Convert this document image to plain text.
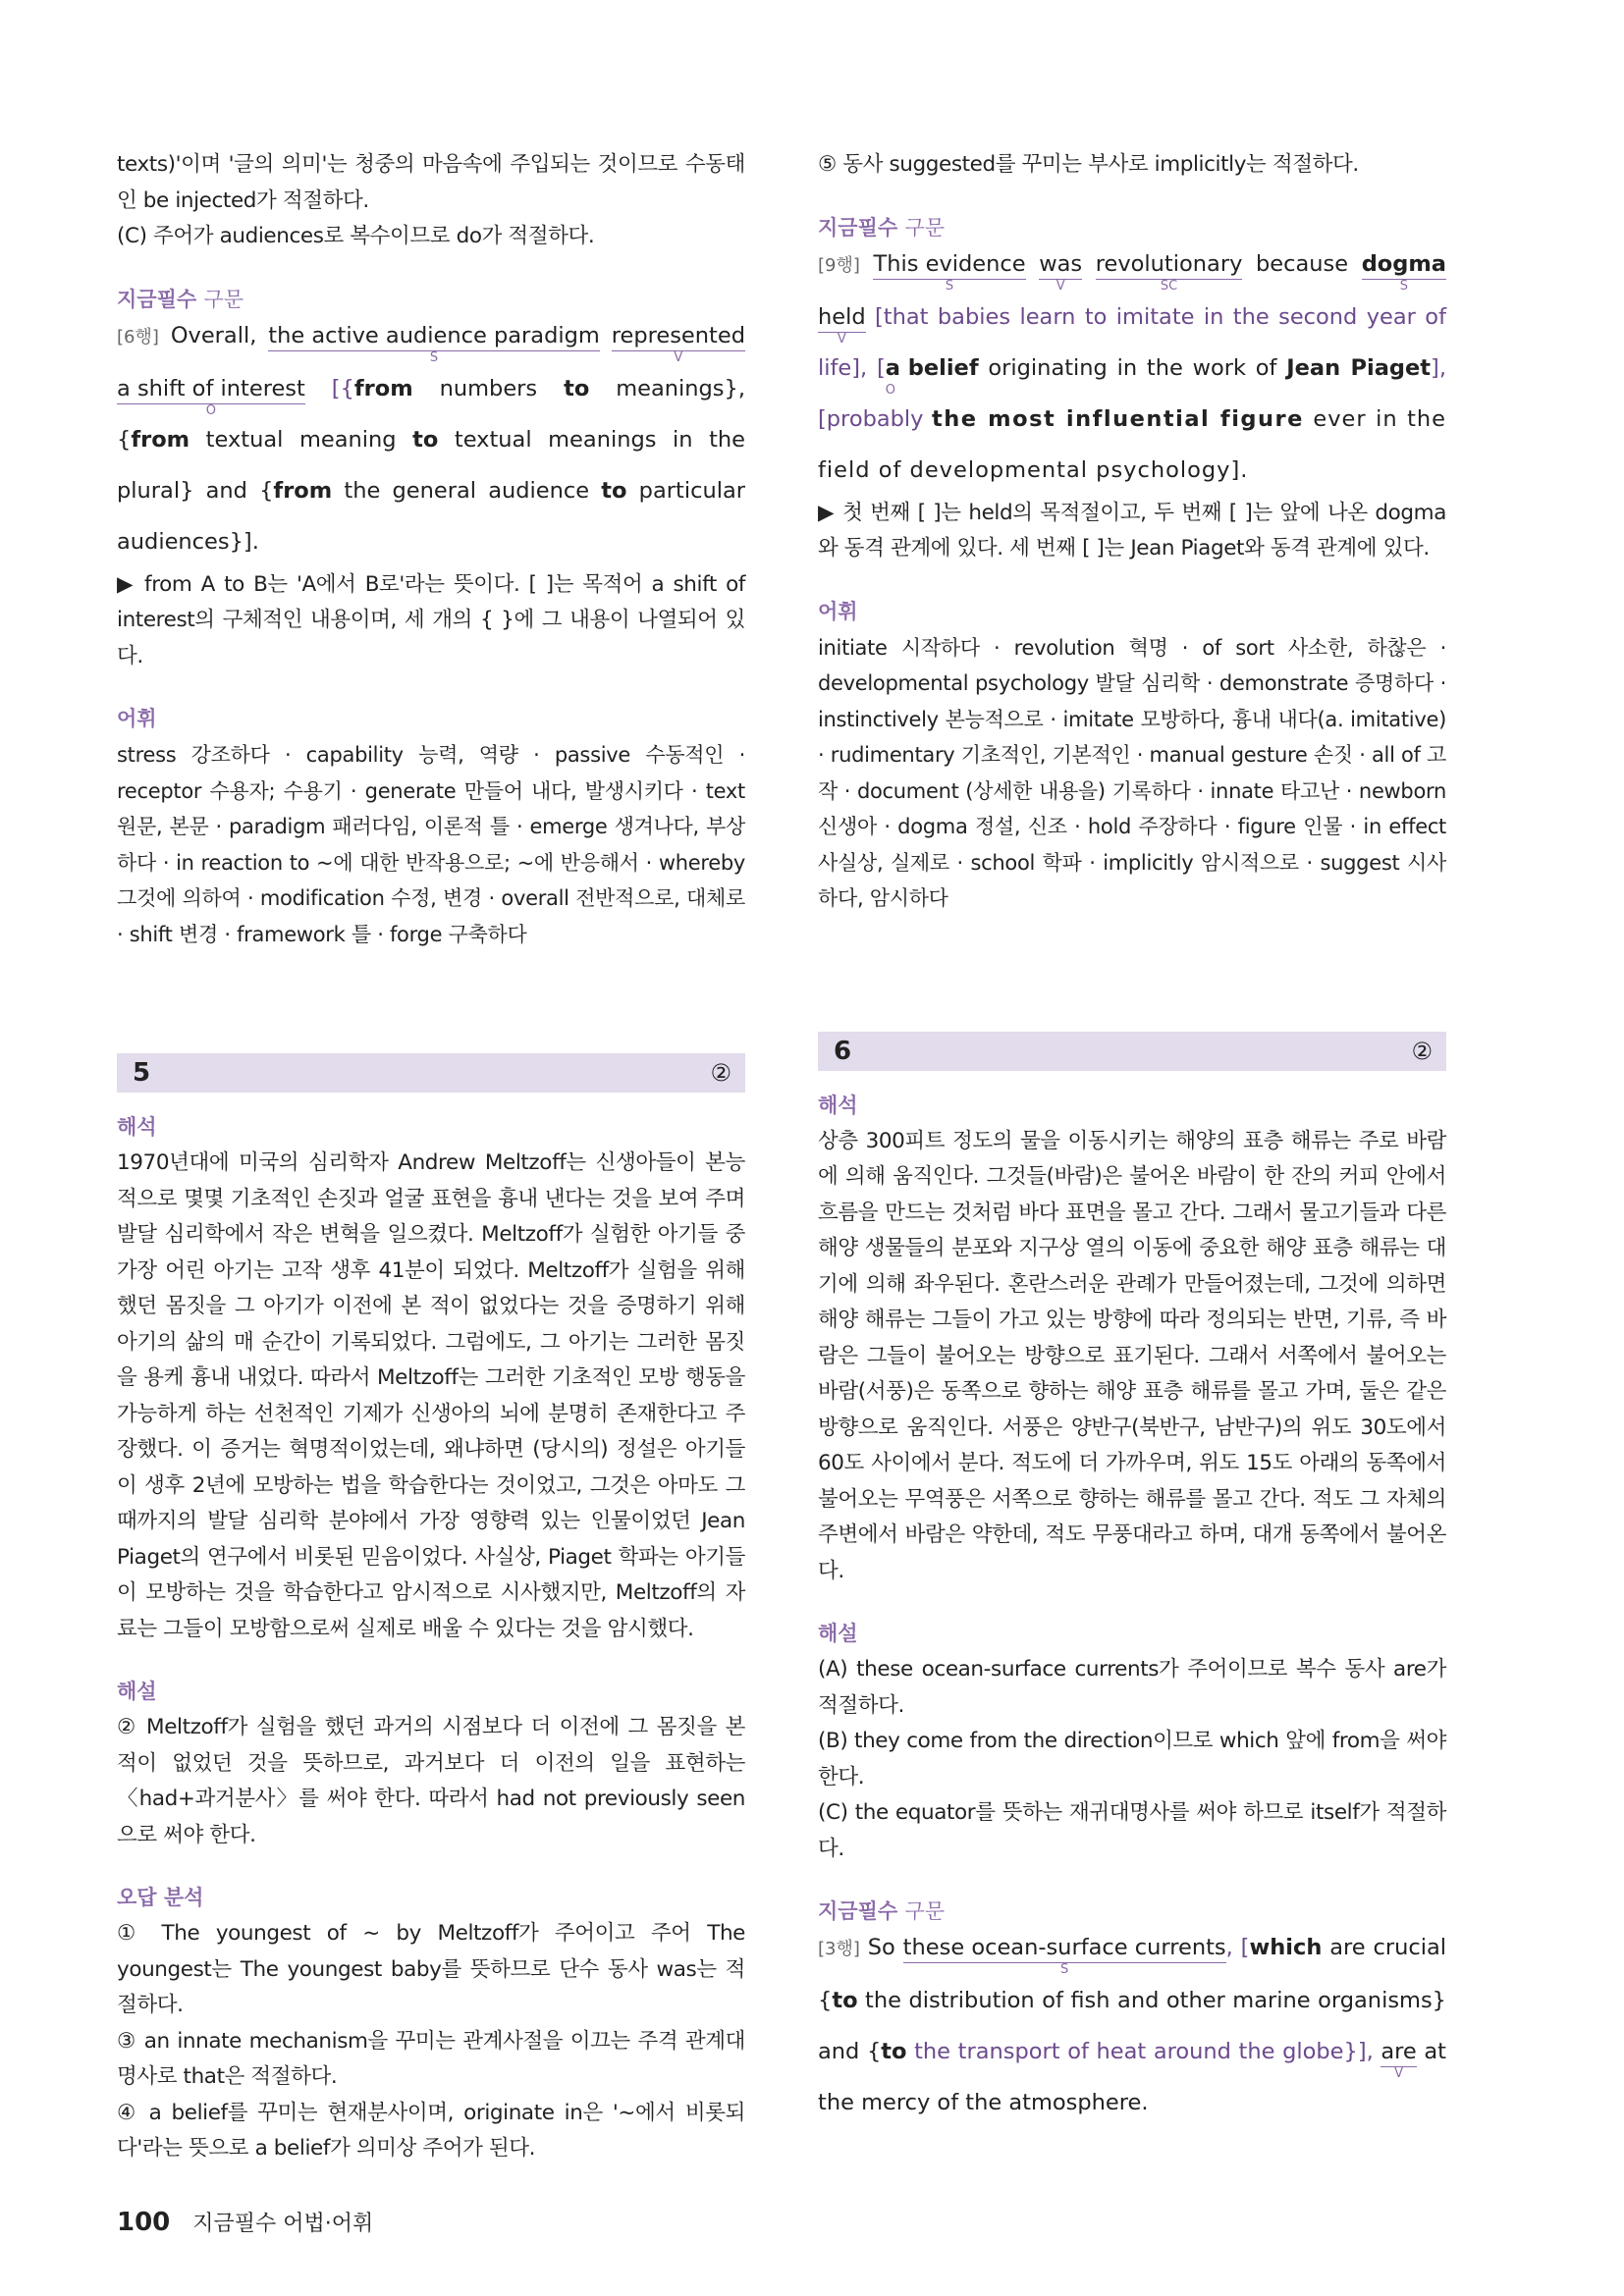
texts)'이며 '글의 의미'는 청중의 마음속에 주입되는 것이므로 수동태인 be injected가 적절하다.

(C) 주어가 audiences로 복수이므로 do가 적절하다.

지금필수 구문

[6행] Overall, the active audience paradigm
S
represented
V
a shift of interest
O
[{from numbers to meanings}, {from textual meaning to textual meanings in the plural} and {from the general audience to particular audiences}].

▶ from A to B는 'A에서 B로'라는 뜻이다. [ ]는 목적어 a shift of interest의 구체적인 내용이며, 세 개의 { }에 그 내용이 나열되어 있다.

어휘

stress 강조하다 · capability 능력, 역량 · passive 수동적인 · receptor 수용자; 수용기 · generate 만들어 내다, 발생시키다 · text 원문, 본문 · paradigm 패러다임, 이론적 틀 · emerge 생겨나다, 부상하다 · in reaction to ~에 대한 반작용으로; ~에 반응해서 · whereby 그것에 의하여 · modification 수정, 변경 · overall 전반적으로, 대체로 · shift 변경 · framework 틀 · forge 구축하다

5	②

해석

1970년대에 미국의 심리학자 Andrew Meltzoff는 신생아들이 본능적으로 몇몇 기초적인 손짓과 얼굴 표현을 흉내 낸다는 것을 보여 주며 발달 심리학에서 작은 변혁을 일으켰다. Meltzoff가 실험한 아기들 중 가장 어린 아기는 고작 생후 41분이 되었다. Meltzoff가 실험을 위해 했던 몸짓을 그 아기가 이전에 본 적이 없었다는 것을 증명하기 위해 아기의 삶의 매 순간이 기록되었다. 그럼에도, 그 아기는 그러한 몸짓을 용케 흉내 내었다. 따라서 Meltzoff는 그러한 기초적인 모방 행동을 가능하게 하는 선천적인 기제가 신생아의 뇌에 분명히 존재한다고 주장했다. 이 증거는 혁명적이었는데, 왜냐하면 (당시의) 정설은 아기들이 생후 2년에 모방하는 법을 학습한다는 것이었고, 그것은 아마도 그때까지의 발달 심리학 분야에서 가장 영향력 있는 인물이었던 Jean Piaget의 연구에서 비롯된 믿음이었다. 사실상, Piaget 학파는 아기들이 모방하는 것을 학습한다고 암시적으로 시사했지만, Meltzoff의 자료는 그들이 모방함으로써 실제로 배울 수 있다는 것을 암시했다.

해설

② Meltzoff가 실험을 했던 과거의 시점보다 더 이전에 그 몸짓을 본 적이 없었던 것을 뜻하므로, 과거보다 더 이전의 일을 표현하는 〈had+과거분사〉를 써야 한다. 따라서 had not previously seen으로 써야 한다.

오답 분석

① The youngest of ~ by Meltzoff가 주어이고 주어 The youngest는 The youngest baby를 뜻하므로 단수 동사 was는 적절하다.

③ an innate mechanism을 꾸미는 관계사절을 이끄는 주격 관계대명사로 that은 적절하다.

④ a belief를 꾸미는 현재분사이며, originate in은 '~에서 비롯되다'라는 뜻으로 a belief가 의미상 주어가 된다.

⑤ 동사 suggested를 꾸미는 부사로 implicitly는 적절하다.

지금필수 구문

[9행] This evidence
S
was
V
revolutionary
SC
because dogma
S
held
V
[that babies learn to imitate in the second year of life], [a belief
O
originating in the work of Jean Piaget], [probably the most influential figure ever in the field of developmental psychology].

▶ 첫 번째 [ ]는 held의 목적절이고, 두 번째 [ ]는 앞에 나온 dogma와 동격 관계에 있다. 세 번째 [ ]는 Jean Piaget와 동격 관계에 있다.

어휘

initiate 시작하다 · revolution 혁명 · of sort 사소한, 하찮은 · developmental psychology 발달 심리학 · demonstrate 증명하다 · instinctively 본능적으로 · imitate 모방하다, 흉내 내다(a. imitative) · rudimentary 기초적인, 기본적인 · manual gesture 손짓 · all of 고작 · document (상세한 내용을) 기록하다 · innate 타고난 · newborn 신생아 · dogma 정설, 신조 · hold 주장하다 · figure 인물 · in effect 사실상, 실제로 · school 학파 · implicitly 암시적으로 · suggest 시사하다, 암시하다

6	②

해석

상층 300피트 정도의 물을 이동시키는 해양의 표층 해류는 주로 바람에 의해 움직인다. 그것들(바람)은 불어온 바람이 한 잔의 커피 안에서 흐름을 만드는 것처럼 바다 표면을 몰고 간다. 그래서 물고기들과 다른 해양 생물들의 분포와 지구상 열의 이동에 중요한 해양 표층 해류는 대기에 의해 좌우된다. 혼란스러운 관례가 만들어졌는데, 그것에 의하면 해양 해류는 그들이 가고 있는 방향에 따라 정의되는 반면, 기류, 즉 바람은 그들이 불어오는 방향으로 표기된다. 그래서 서쪽에서 불어오는 바람(서풍)은 동쪽으로 향하는 해양 표층 해류를 몰고 가며, 둘은 같은 방향으로 움직인다. 서풍은 양반구(북반구, 남반구)의 위도 30도에서 60도 사이에서 분다. 적도에 더 가까우며, 위도 15도 아래의 동쪽에서 불어오는 무역풍은 서쪽으로 향하는 해류를 몰고 간다. 적도 그 자체의 주변에서 바람은 약한데, 적도 무풍대라고 하며, 대개 동쪽에서 불어온다.

해설

(A) these ocean-surface currents가 주어이므로 복수 동사 are가 적절하다.

(B) they come from the direction이므로 which 앞에 from을 써야 한다.

(C) the equator를 뜻하는 재귀대명사를 써야 하므로 itself가 적절하다.

지금필수 구문

[3행] So these ocean-surface currents
S
, [which are crucial {to the distribution of fish and other marine organisms} and {to the transport of heat around the globe}], are
V
at the mercy of the atmosphere.

100 지금필수 어법·어휘
